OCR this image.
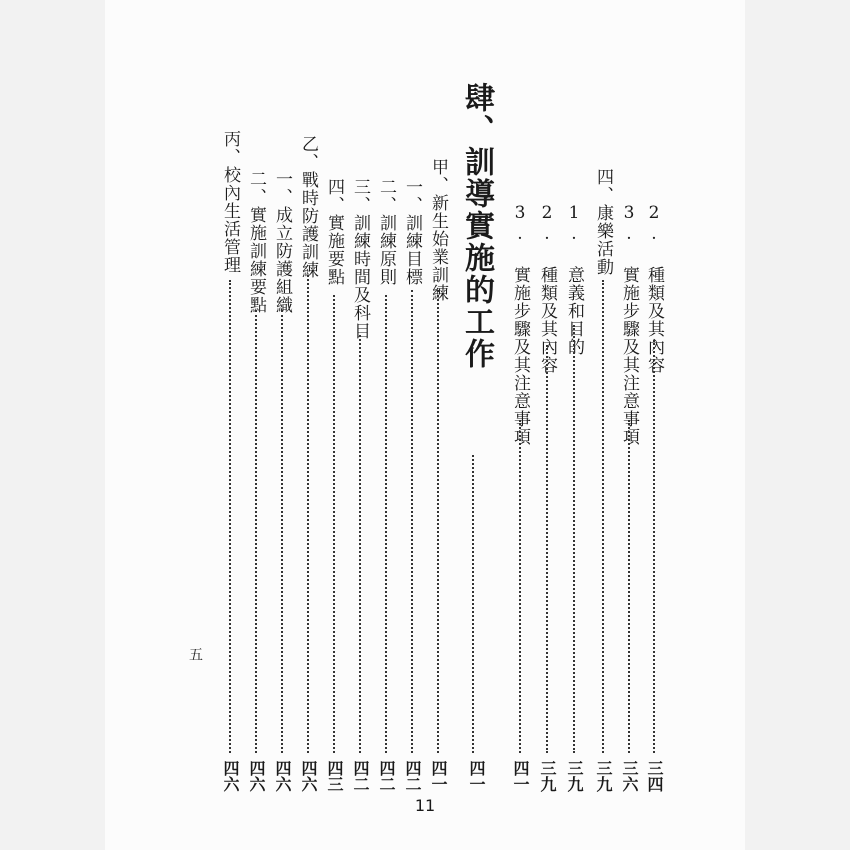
肆、訓導實施的工作
四一
2. 種類及其內容
三四
3. 實施步驟及其注意事項
三六
四、康樂活動
三九
1. 意義和目的
三九
2. 種類及其內容
三九
3. 實施步驟及其注意事項
四一
甲、新生始業訓練
四一
一、訓練目標
四二
二、訓練原則
四二
三、訓練時間及科目
四二
四、實施要點
四三
乙、戰時防護訓練
四六
一、成立防護組織
四六
二、實施訓練要點
四六
丙、校內生活管理
四六
五
11
